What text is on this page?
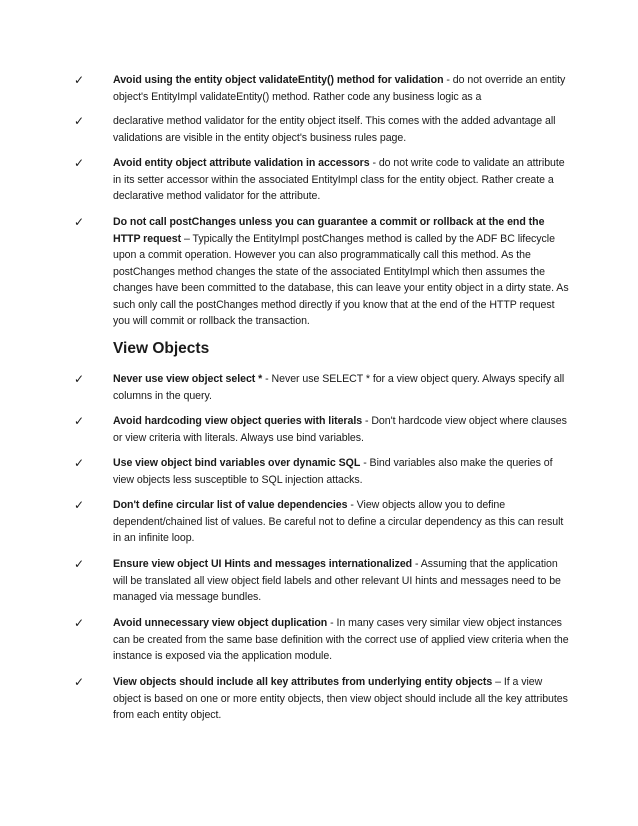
✓	Avoid using the entity object validateEntity() method for validation - do not override an entity object's EntityImpl validateEntity() method. Rather code any business logic as a
✓	declarative method validator for the entity object itself. This comes with the added advantage all validations are visible in the entity object's business rules page.
✓	Avoid entity object attribute validation in accessors - do not write code to validate an attribute in its setter accessor within the associated EntityImpl class for the entity object. Rather create a declarative method validator for the attribute.
✓	Do not call postChanges unless you can guarantee a commit or rollback at the end the HTTP request – Typically the EntityImpl postChanges method is called by the ADF BC lifecycle upon a commit operation. However you can also programmatically call this method. As the postChanges method changes the state of the associated EntityImpl which then assumes the changes have been committed to the database, this can leave your entity object in a dirty state. As such only call the postChanges method directly if you know that at the end of the HTTP request you will commit or rollback the transaction.
View Objects
✓	Never use view object select * - Never use SELECT * for a view object query. Always specify all columns in the query.
✓	Avoid hardcoding view object queries with literals - Don't hardcode view object where clauses or view criteria with literals. Always use bind variables.
✓	Use view object bind variables over dynamic SQL - Bind variables also make the queries of view objects less susceptible to SQL injection attacks.
✓	Don't define circular list of value dependencies - View objects allow you to define dependent/chained list of values. Be careful not to define a circular dependency as this can result in an infinite loop.
✓	Ensure view object UI Hints and messages internationalized - Assuming that the application will be translated all view object field labels and other relevant UI hints and messages need to be managed via message bundles.
✓	Avoid unnecessary view object duplication - In many cases very similar view object instances can be created from the same base definition with the correct use of applied view criteria when the instance is exposed via the application module.
✓	View objects should include all key attributes from underlying entity objects – If a view object is based on one or more entity objects, then view object should include all the key attributes from each entity object.
